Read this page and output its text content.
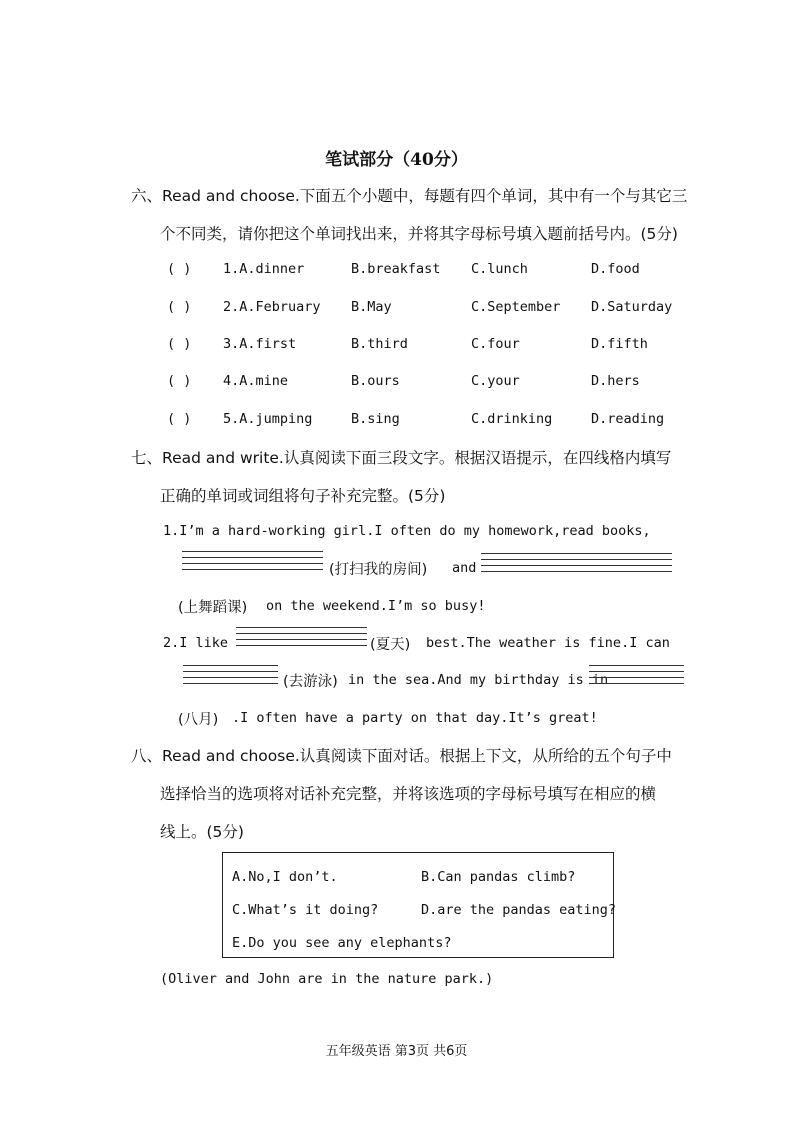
笔试部分（40分）
六、Read and choose.下面五个小题中，每题有四个单词，其中有一个与其它三
个不同类，请你把这个单词找出来，并将其字母标号填入题前括号内。(5分)
( ) 1.A.dinner	B.breakfast C.lunch	D.food
( ) 2.A.February B.May	C.September D.Saturday
( ) 3.A.first	B.third	C.four	D.fifth
( ) 4.A.mine	B.ours	C.your	D.hers
( ) 5.A.jumping	B.sing	C.drinking	D.reading
七、Read and write.认真阅读下面三段文字。根据汉语提示，在四线格内填写
正确的单词或词组将句子补充完整。(5分)
1.I’m a hard-working girl.I often do my homework,read books,
(打扫我的房间) and
(上舞蹈课) on the weekend.I’m so busy!
2.I like	(夏天) best.The weather is fine.I can
(去游泳) in the sea.And my birthday is in
(八月) .I often have a party on that day.It’s great!
八、Read and choose.认真阅读下面对话。根据上下文，从所给的五个句子中
选择恰当的选项将对话补充完整，并将该选项的字母标号填写在相应的横
线上。(5分)
A.No,I don’t.	B.Can pandas climb?
C.What’s it doing?	D.are the pandas eating?
E.Do you see any elephants?
(Oliver and John are in the nature park.)
五年级英语 第3页 共6页
